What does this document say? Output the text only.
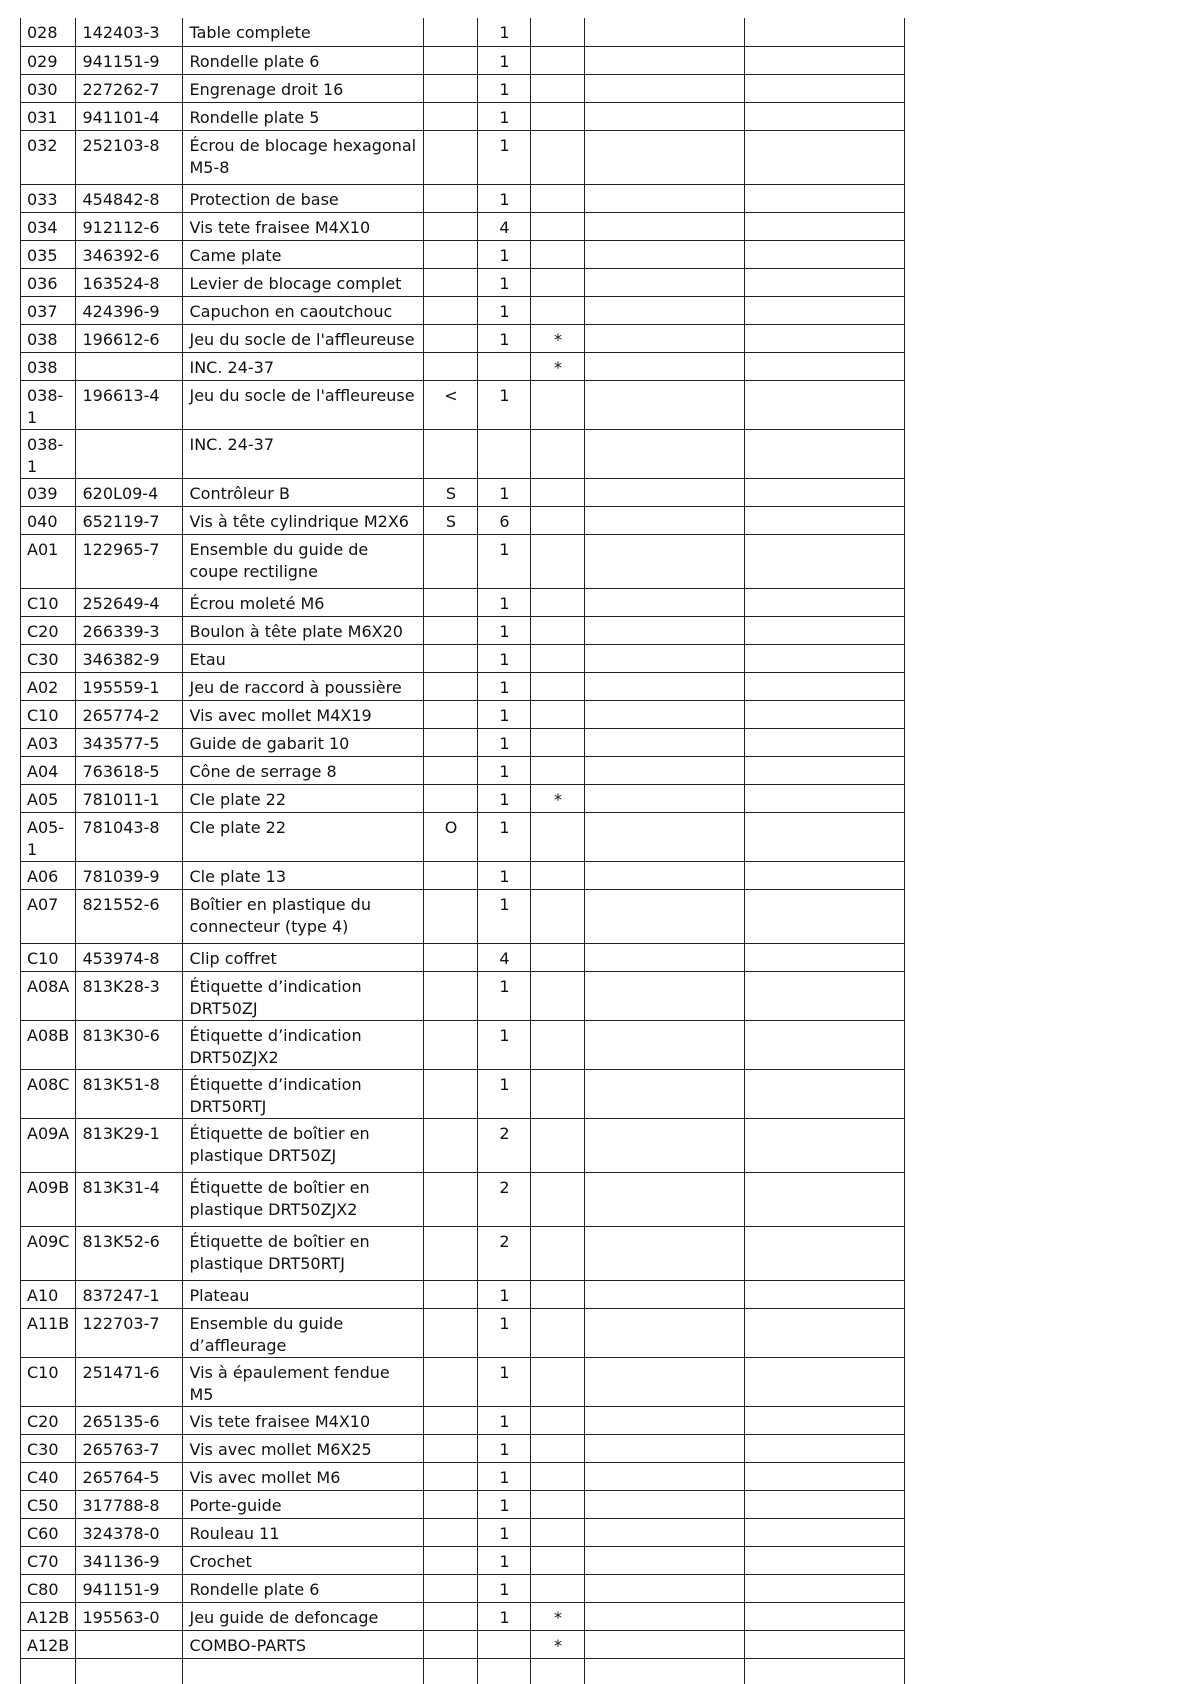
028	142403-3	Table complete		1			
029	941151-9	Rondelle plate 6		1			
030	227262-7	Engrenage droit 16		1			
031	941101-4	Rondelle plate 5		1			
032	252103-8	Écrou de blocage hexagonal M5-8		1			
033	454842-8	Protection de base		1			
034	912112-6	Vis tete fraisee M4X10		4			
035	346392-6	Came plate		1			
036	163524-8	Levier de blocage complet		1			
037	424396-9	Capuchon en caoutchouc		1			
038	196612-6	Jeu du socle de l'affleureuse		1	*		
038		INC. 24-37			*		
038-1	196613-4	Jeu du socle de l'affleureuse	<	1			
038-1		INC. 24-37					
039	620L09-4	Contrôleur B	S	1			
040	652119-7	Vis à tête cylindrique M2X6	S	6			
A01	122965-7	Ensemble du guide de coupe rectiligne		1			
C10	252649-4	Écrou moleté M6		1			
C20	266339-3	Boulon à tête plate M6X20		1			
C30	346382-9	Etau		1			
A02	195559-1	Jeu de raccord à poussière		1			
C10	265774-2	Vis avec mollet M4X19		1			
A03	343577-5	Guide de gabarit 10		1			
A04	763618-5	Cône de serrage 8		1			
A05	781011-1	Cle plate 22		1	*		
A05-1	781043-8	Cle plate 22	O	1			
A06	781039-9	Cle plate 13		1			
A07	821552-6	Boîtier en plastique du connecteur (type 4)		1			
C10	453974-8	Clip coffret		4			
A08A	813K28-3	Étiquette d’indication DRT50ZJ		1			
A08B	813K30-6	Étiquette d’indication DRT50ZJX2		1			
A08C	813K51-8	Étiquette d’indication DRT50RTJ		1			
A09A	813K29-1	Étiquette de boîtier en plastique DRT50ZJ		2			
A09B	813K31-4	Étiquette de boîtier en plastique DRT50ZJX2		2			
A09C	813K52-6	Étiquette de boîtier en plastique DRT50RTJ		2			
A10	837247-1	Plateau		1			
A11B	122703-7	Ensemble du guide d’affleurage		1			
C10	251471-6	Vis à épaulement fendue M5		1			
C20	265135-6	Vis tete fraisee M4X10		1			
C30	265763-7	Vis avec mollet M6X25		1			
C40	265764-5	Vis avec mollet M6		1			
C50	317788-8	Porte-guide		1			
C60	324378-0	Rouleau 11		1			
C70	341136-9	Crochet		1			
C80	941151-9	Rondelle plate 6		1			
A12B	195563-0	Jeu guide de defoncage		1	*		
A12B		COMBO-PARTS			*		
